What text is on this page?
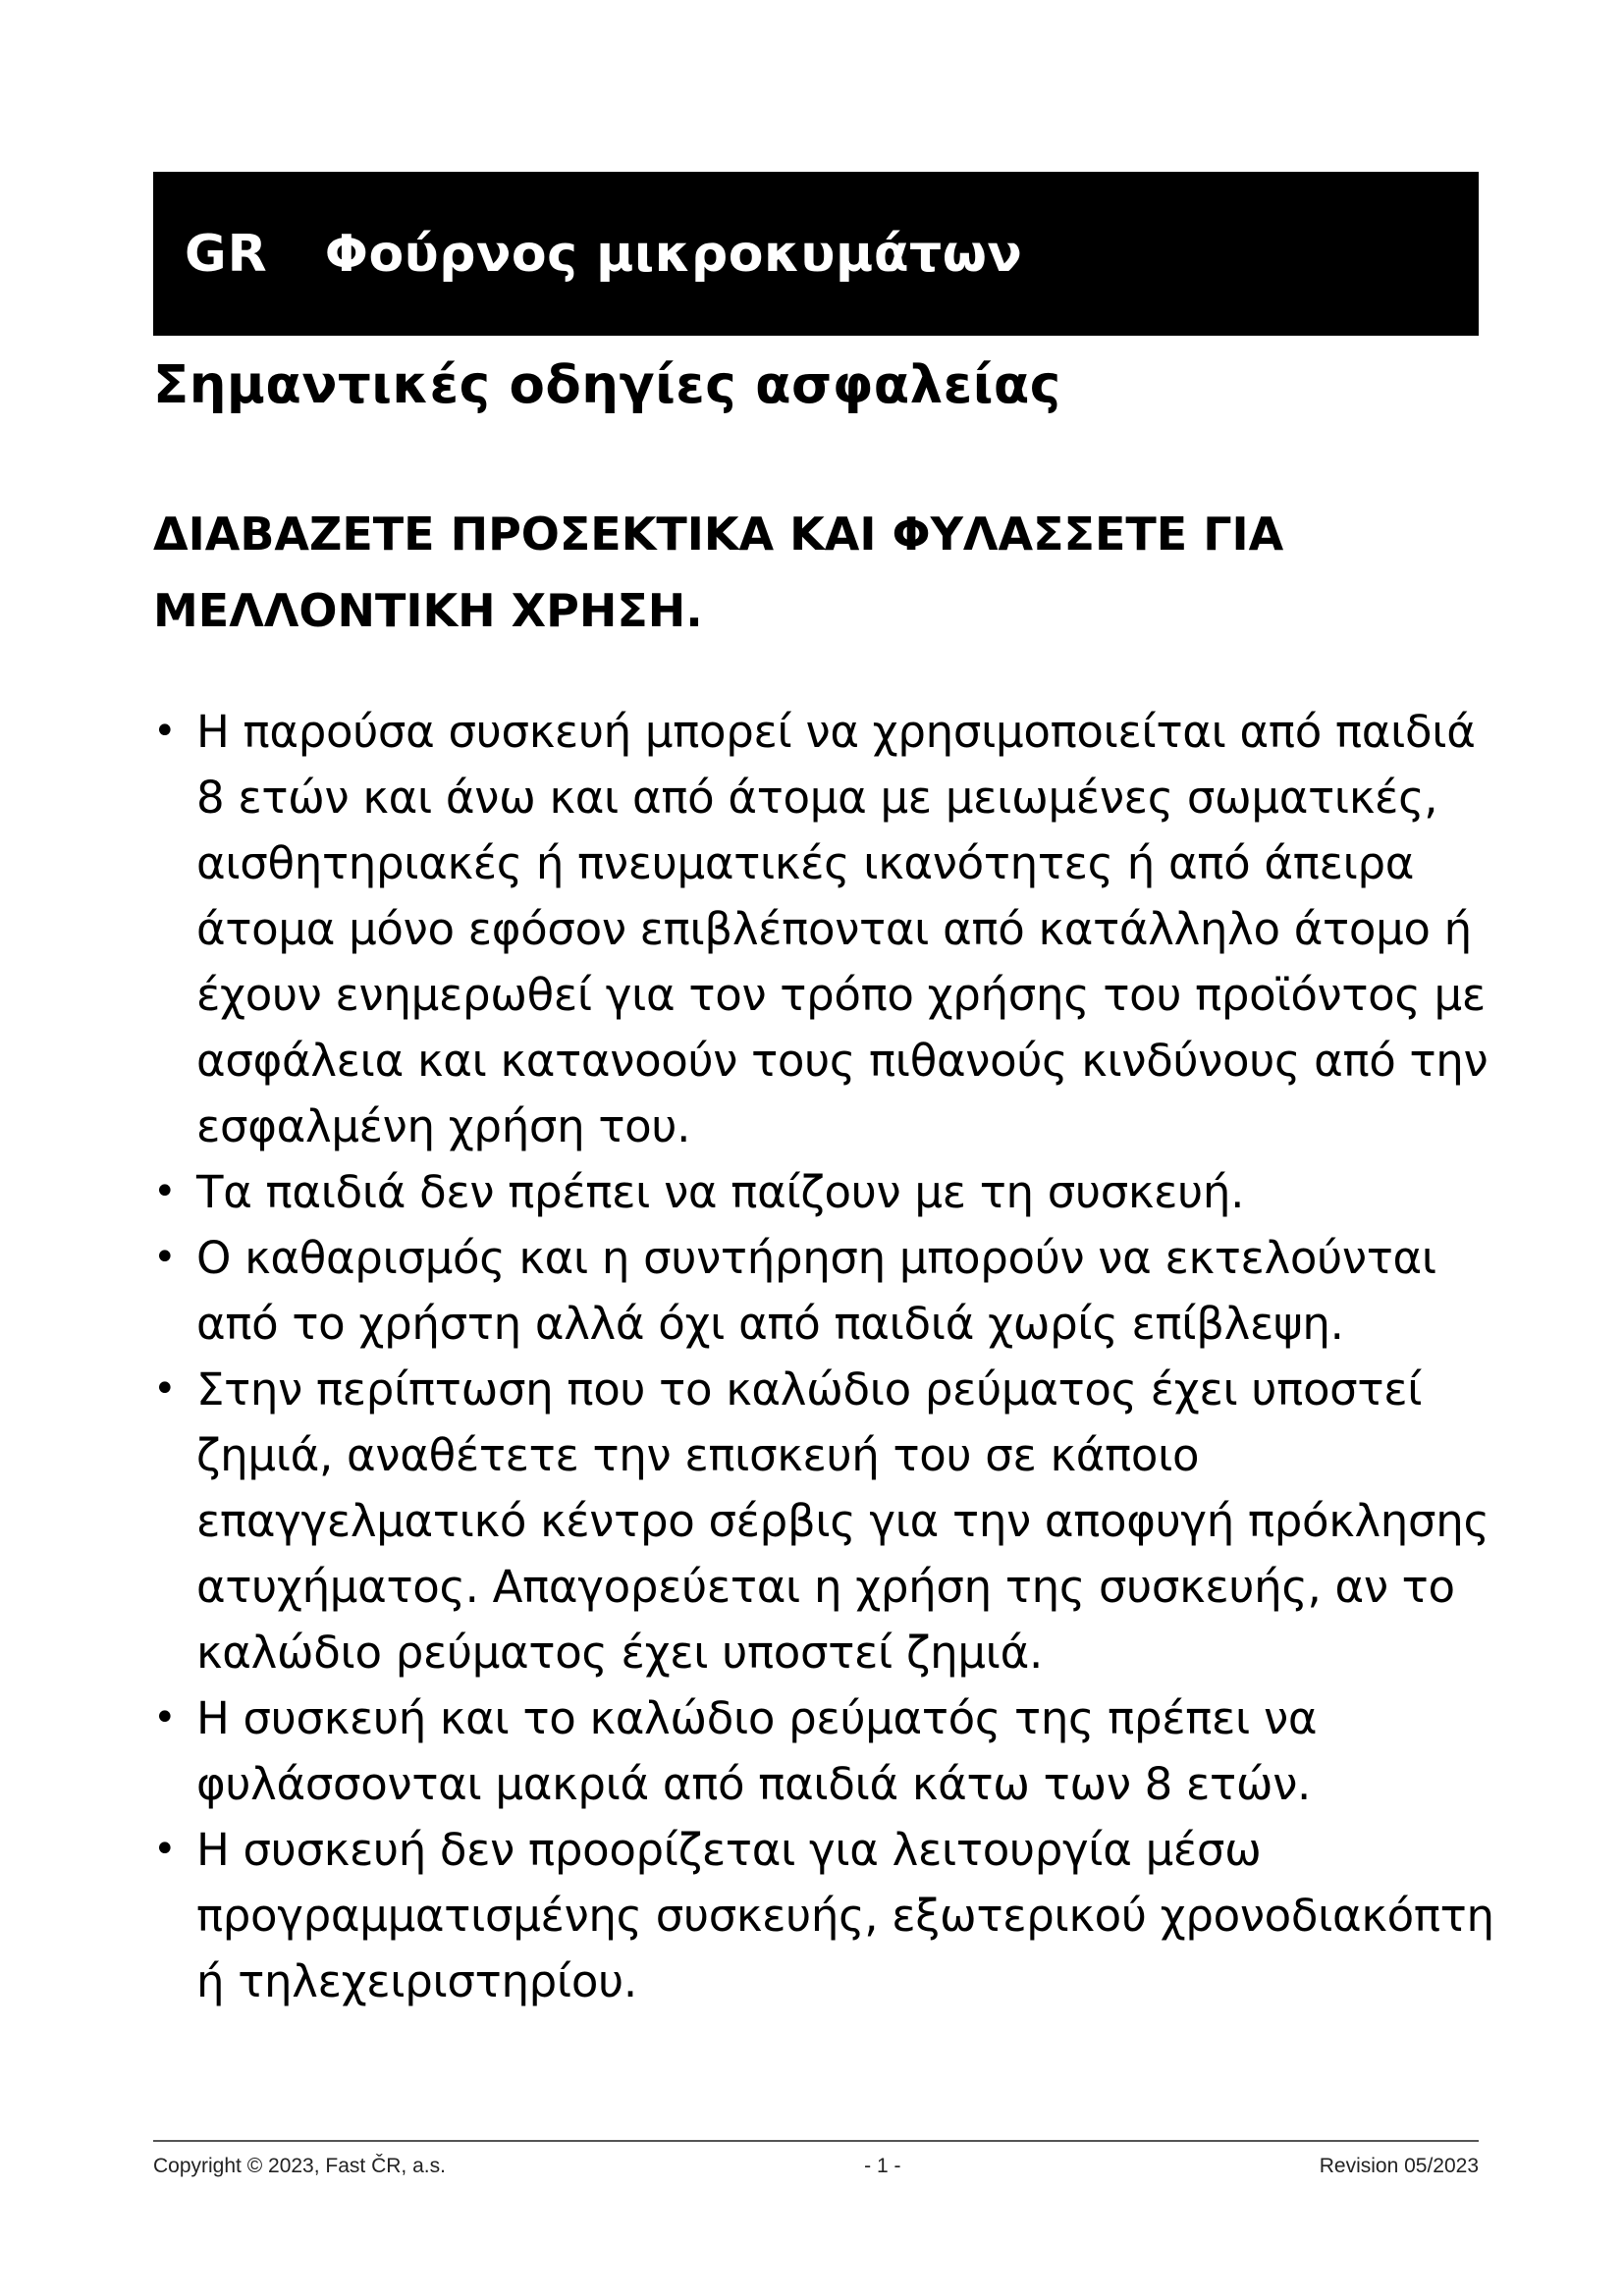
GR Φούρνος μικροκυμάτων
Σημαντικές οδηγίες ασφαλείας

ΔΙΑΒΑΖΕΤΕ ΠΡΟΣΕΚΤΙΚΑ ΚΑΙ ΦΥΛΑΣΣΕΤΕ ΓΙΑ ΜΕΛΛΟΝΤΙΚΗ ΧΡΗΣΗ.

• Η παρούσα συσκευή μπορεί να χρησιμοποιείται από παιδιά 8 ετών και άνω και από άτομα με μειωμένες σωματικές, αισθητηριακές ή πνευματικές ικανότητες ή από άπειρα άτομα μόνο εφόσον επιβλέπονται από κατάλληλο άτομο ή έχουν ενημερωθεί για τον τρόπο χρήσης του προϊόντος με ασφάλεια και κατανοούν τους πιθανούς κινδύνους από την εσφαλμένη χρήση του.
• Τα παιδιά δεν πρέπει να παίζουν με τη συσκευή.
• Ο καθαρισμός και η συντήρηση μπορούν να εκτελούνται από το χρήστη αλλά όχι από παιδιά χωρίς επίβλεψη.
• Στην περίπτωση που το καλώδιο ρεύματος έχει υποστεί ζημιά, αναθέτετε την επισκευή του σε κάποιο επαγγελματικό κέντρο σέρβις για την αποφυγή πρόκλησης ατυχήματος. Απαγορεύεται η χρήση της συσκευής, αν το καλώδιο ρεύματος έχει υποστεί ζημιά.
• Η συσκευή και το καλώδιο ρεύματός της πρέπει να φυλάσσονται μακριά από παιδιά κάτω των 8 ετών.
• Η συσκευή δεν προορίζεται για λειτουργία μέσω προγραμματισμένης συσκευής, εξωτερικού χρονοδιακόπτη ή τηλεχειριστηρίου.
Copyright © 2023, Fast ČR, a.s.	- 1 -	Revision 05/2023
